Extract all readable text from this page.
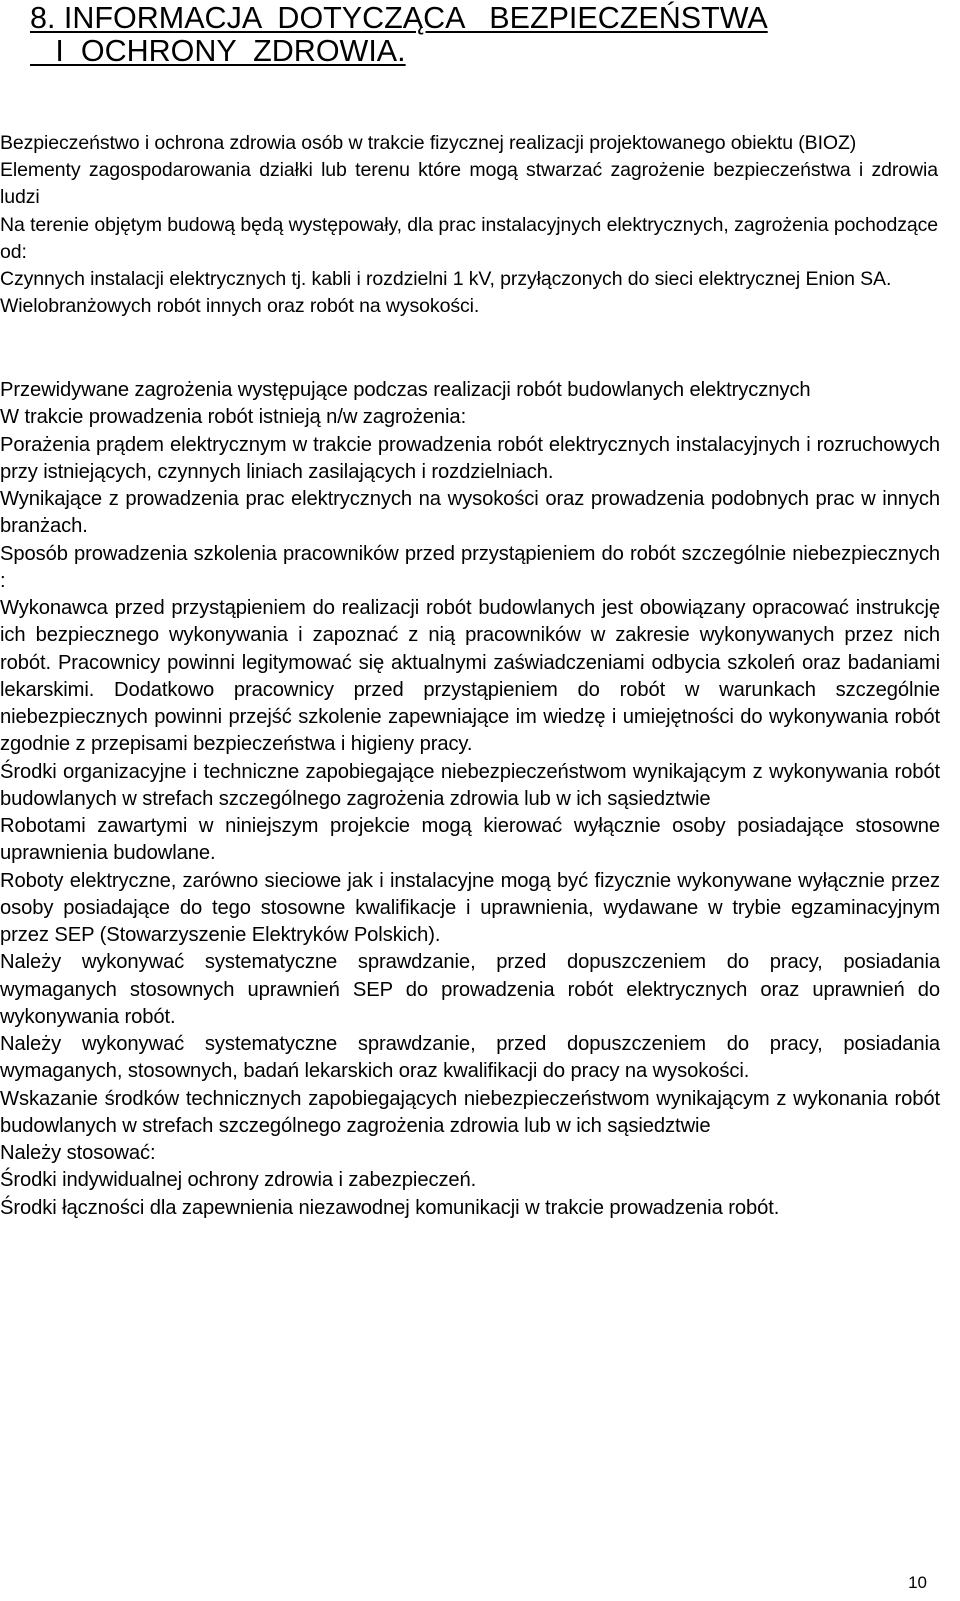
8. INFORMACJA  DOTYCZĄCA   BEZPIECZEŃSTWA
I  OCHRONY  ZDROWIA.

Bezpieczeństwo i ochrona zdrowia osób w trakcie fizycznej realizacji projektowanego obiektu (BIOZ)

Elementy zagospodarowania działki lub terenu które mogą stwarzać zagrożenie bezpieczeństwa i zdrowia ludzi

Na terenie objętym budową będą występowały, dla prac instalacyjnych elektrycznych, zagrożenia pochodzące od:

Czynnych instalacji elektrycznych tj. kabli i rozdzielni 1 kV, przyłączonych do sieci elektrycznej Enion SA.

Wielobranżowych robót innych oraz robót na wysokości.

Przewidywane zagrożenia występujące podczas realizacji robót budowlanych elektrycznych

W trakcie prowadzenia robót istnieją n/w zagrożenia:

Porażenia prądem elektrycznym w trakcie prowadzenia robót elektrycznych instalacyjnych i rozruchowych przy istniejących, czynnych liniach zasilających i rozdzielniach.

Wynikające z prowadzenia prac elektrycznych na wysokości oraz prowadzenia podobnych prac w innych branżach.

Sposób prowadzenia szkolenia pracowników przed przystąpieniem do robót szczególnie niebezpiecznych :

Wykonawca przed przystąpieniem do realizacji robót budowlanych jest obowiązany opracować instrukcję ich bezpiecznego wykonywania i zapoznać z nią pracowników w zakresie wykonywanych przez nich robót. Pracownicy powinni legitymować się aktualnymi zaświadczeniami odbycia szkoleń oraz badaniami lekarskimi. Dodatkowo pracownicy przed przystąpieniem do robót w warunkach szczególnie niebezpiecznych powinni przejść szkolenie zapewniające im wiedzę i umiejętności do wykonywania robót zgodnie z przepisami bezpieczeństwa i higieny pracy.

Środki organizacyjne i techniczne zapobiegające niebezpieczeństwom wynikającym z wykonywania robót budowlanych w strefach szczególnego zagrożenia zdrowia lub w ich sąsiedztwie

Robotami zawartymi w niniejszym projekcie mogą kierować wyłącznie osoby posiadające stosowne uprawnienia budowlane.

Roboty elektryczne, zarówno sieciowe jak i instalacyjne mogą być fizycznie wykonywane wyłącznie przez osoby posiadające do tego stosowne kwalifikacje i uprawnienia, wydawane w trybie egzaminacyjnym przez SEP (Stowarzyszenie Elektryków Polskich).

Należy wykonywać systematyczne sprawdzanie, przed dopuszczeniem do pracy, posiadania wymaganych stosownych uprawnień SEP do prowadzenia robót elektrycznych oraz uprawnień do wykonywania robót.

Należy wykonywać systematyczne sprawdzanie, przed dopuszczeniem do pracy, posiadania wymaganych, stosownych, badań lekarskich oraz kwalifikacji do pracy na wysokości.

Wskazanie środków technicznych zapobiegających niebezpieczeństwom wynikającym z wykonania robót budowlanych w strefach szczególnego zagrożenia zdrowia lub w ich sąsiedztwie

Należy stosować:

Środki indywidualnej ochrony zdrowia i zabezpieczeń.

Środki łączności dla zapewnienia niezawodnej komunikacji w trakcie prowadzenia robót.

10
